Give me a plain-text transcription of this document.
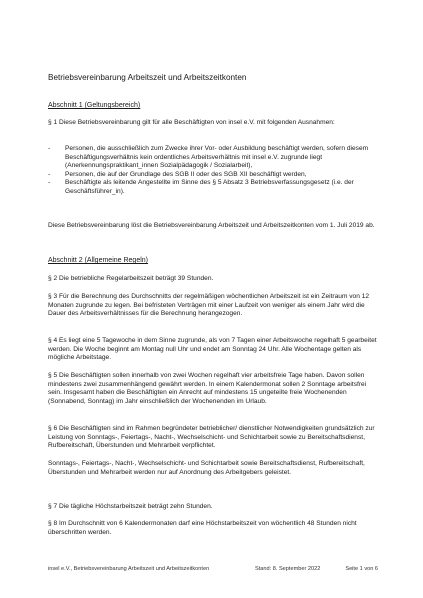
Betriebsvereinbarung Arbeitszeit und Arbeitszeitkonten
Abschnitt 1 (Geltungsbereich)

§ 1 Diese Betriebsvereinbarung gilt für alle Beschäftigten von insel e.V. mit folgenden Ausnahmen:

- Personen, die ausschließlich zum Zwecke ihrer Vor- oder Ausbildung beschäftigt werden, sofern diesem Beschäftigungsverhältnis kein ordentliches Arbeitsverhältnis mit insel e.V. zugrunde liegt (Anerkennungspraktikant_innen Sozialpädagogik / Sozialarbeit),
- Personen, die auf der Grundlage des SGB II oder des SGB XII beschäftigt werden,
- Beschäftigte als leitende Angestellte im Sinne des § 5 Absatz 3 Betriebsverfassungsgesetz (i.e. der Geschäftsführer_in).

Diese Betriebsvereinbarung löst die Betriebsvereinbarung Arbeitszeit und Arbeitszeitkonten vom 1. Juli 2019 ab.

Abschnitt 2 (Allgemeine Regeln)

§ 2 Die betriebliche Regelarbeitszeit beträgt 39 Stunden.

§ 3 Für die Berechnung des Durchschnitts der regelmäßigen wöchentlichen Arbeitszeit ist ein Zeitraum von 12 Monaten zugrunde zu legen. Bei befristeten Verträgen mit einer Laufzeit von weniger als einem Jahr wird die Dauer des Arbeitsverhältnisses für die Berechnung herangezogen.

§ 4 Es liegt eine 5 Tagewoche in dem Sinne zugrunde, als von 7 Tagen einer Arbeitswoche regelhaft 5 gearbeitet werden. Die Woche beginnt am Montag null Uhr und endet am Sonntag 24 Uhr. Alle Wochentage gelten als mögliche Arbeitstage.

§ 5 Die Beschäftigten sollen innerhalb von zwei Wochen regelhaft vier arbeitsfreie Tage haben. Davon sollen mindestens zwei zusammenhängend gewährt werden. In einem Kalendermonat sollen 2 Sonntage arbeitsfrei sein. Insgesamt haben die Beschäftigten ein Anrecht auf mindestens 15 ungeteilte freie Wochenenden (Sonnabend, Sonntag) im Jahr einschließlich der Wochenenden im Urlaub.

§ 6 Die Beschäftigten sind im Rahmen begründeter betrieblicher/ dienstlicher Notwendigkeiten grundsätzlich zur Leistung von Sonntags-, Feiertags-, Nacht-, Wechselschicht- und Schichtarbeit sowie zu Bereitschaftsdienst, Rufbereitschaft, Überstunden und Mehrarbeit verpflichtet.

Sonntags-, Feiertags-, Nacht-, Wechselschicht- und Schichtarbeit sowie Bereitschaftsdienst, Rufbereitschaft, Überstunden und Mehrarbeit werden nur auf Anordnung des Arbeitgebers geleistet.

§ 7 Die tägliche Höchstarbeitszeit beträgt zehn Stunden.

§ 8 Im Durchschnitt von 6 Kalendermonaten darf eine Höchstarbeitszeit von wöchentlich 48 Stunden nicht überschritten werden.

insel e.V., Betriebsvereinbarung Arbeitszeit und Arbeitszeitkonten	Stand: 8. September 2022	Seite 1 von 6
